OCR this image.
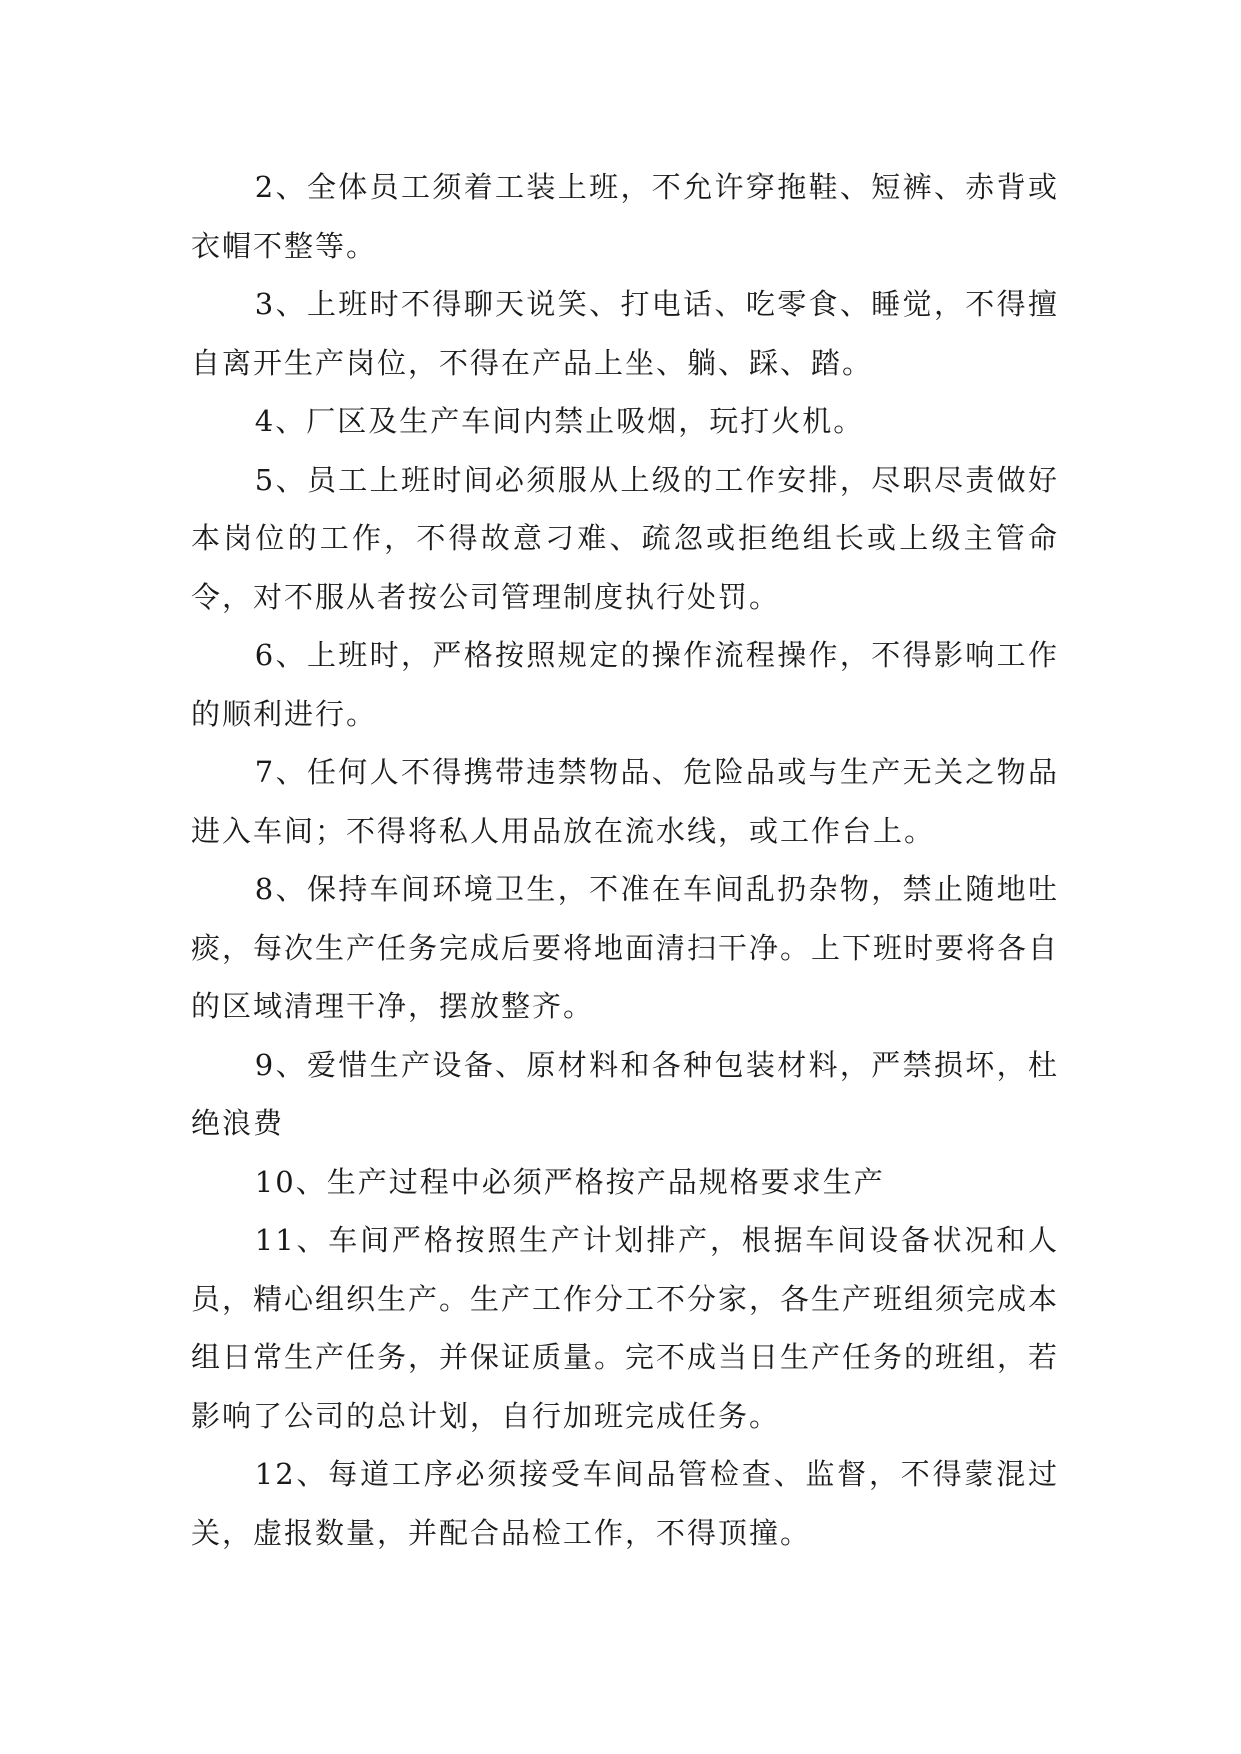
2、全体员工须着工装上班，不允许穿拖鞋、短裤、赤背或衣帽不整等。

3、上班时不得聊天说笑、打电话、吃零食、睡觉，不得擅自离开生产岗位，不得在产品上坐、躺、踩、踏。

4、厂区及生产车间内禁止吸烟，玩打火机。

5、员工上班时间必须服从上级的工作安排，尽职尽责做好本岗位的工作，不得故意刁难、疏忽或拒绝组长或上级主管命令，对不服从者按公司管理制度执行处罚。

6、上班时，严格按照规定的操作流程操作，不得影响工作的顺利进行。

7、任何人不得携带违禁物品、危险品或与生产无关之物品进入车间；不得将私人用品放在流水线，或工作台上。

8、保持车间环境卫生，不准在车间乱扔杂物，禁止随地吐痰，每次生产任务完成后要将地面清扫干净。上下班时要将各自的区域清理干净，摆放整齐。

9、爱惜生产设备、原材料和各种包装材料，严禁损坏，杜绝浪费

10、生产过程中必须严格按产品规格要求生产

11、车间严格按照生产计划排产，根据车间设备状况和人员，精心组织生产。生产工作分工不分家，各生产班组须完成本组日常生产任务，并保证质量。完不成当日生产任务的班组，若影响了公司的总计划，自行加班完成任务。

12、每道工序必须接受车间品管检查、监督，不得蒙混过关，虚报数量，并配合品检工作，不得顶撞。
